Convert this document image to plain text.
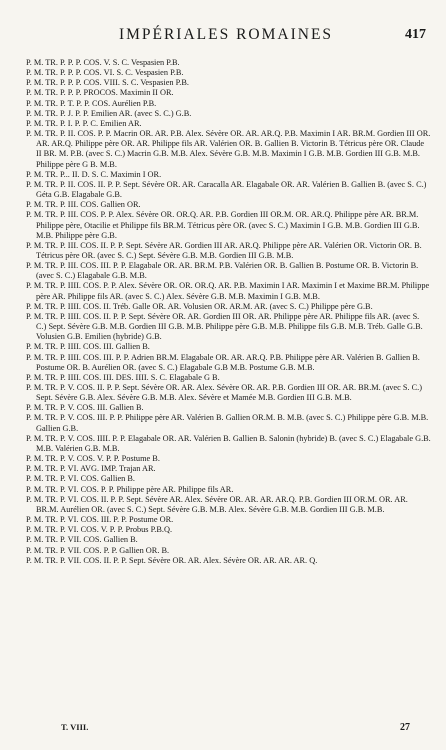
IMPÉRIALES ROMAINES	417
P. M. TR. P. P. P. COS. V. S. C. Vespasien P.B.
P. M. TR. P. P. P. COS. VI. S. C. Vespasien P.B.
P. M. TR. P. P. P. COS. VIII. S. C. Vespasien P.B.
P. M. TR. P. P. P. PROCOS. Maximin II OR.
P. M. TR. P. T. P. P. COS. Aurélien P.B.
P. M. TR. P. J. P. P. Emilien AR. (avec S. C.) G.B.
P. M. TR. P. I. P. P. C. Emilien AR.
P. M. TR. P. II. COS. P. P. Macrin OR. AR. P.B. Alex. Sévère OR. AR. AR.Q. P.B. Maximin I AR. BR.M. Gordien III OR. AR. AR.Q. Philippe père OR. AR. Philippe fils AR. Valérien OR. B. Gallien B. Victorin B. Tétricus père OR. Claude II BR. M. P.B. (avec S. C.) Macrin G.B. M.B. Alex. Sévère G.B. M.B. Maximin I G.B. M.B. Gordien III G.B. M.B. Philippe père G B. M.B.
P. M. TR. P... II. D. S. C. Maximin I OR.
P. M. TR. P. II. COS. II. P. P. Sept. Sévère OR. AR. Caracalla AR. Elagabale OR. AR. Valérien B. Gallien B. (avec S. C.) Géta G.B. Elagabale G.B.
P. M. TR. P. III. COS. Gallien OR.
P. M. TR. P. III. COS. P. P. Alex. Sévère OR. OR.Q. AR. P.B. Gordien III OR.M. OR. AR.Q. Philippe père AR. BR.M. Philippe père, Otacilie et Philippe fils BR.M. Tétricus père OR. (avec S. C.) Maximin I G.B. M.B. Gordien III G.B. M.B. Philippe père G.B.
P. M. TR. P. III. COS. II. P. P. Sept. Sévère AR. Gordien III AR. AR.Q. Philippe père AR. Valérien OR. Victorin OR. B. Tétricus père OR. (avec S. C.) Sept. Sévère G.B. M.B. Gordien III G.B. M.B.
P. M. TR. P. III. COS. III. P. P. Elagabale OR. AR. BR.M. P.B. Valérien OR. B. Gallien B. Postume OR. B. Victorin B. (avec S. C.) Elagabale G.B. M.B.
P. M. TR. P. IIII. COS. P. P. Alex. Sévère OR. OR. OR.Q. AR. P.B. Maximin I AR. Maximin I et Maxime BR.M. Philippe père AR. Philippe fils AR. (avec S. C.) Alex. Sévère G.B. M.B. Maximin I G.B. M.B.
P. M. TR. P. IIII. COS. II. Tréb. Galle OR. AR. Volusien OR. AR.M. AR. (avec S. C.) Philippe père G.B.
P. M. TR. P. IIII. COS. II. P. P. Sept. Sévère OR. AR. Gordien III OR. AR. Philippe père AR. Philippe fils AR. (avec S. C.) Sept. Sévère G.B. M.B. Gordien III G.B. M.B. Philippe père G.B. M.B. Philippe fils G.B. M.B. Tréb. Galle G.B. Volusien G.B. Emilien (hybride) G.B.
P. M. TR. P. IIII. COS. III. Gallien B.
P. M. TR. P. IIII. COS. III. P. P. Adrien BR.M. Elagabale OR. AR. AR.Q. P.B. Philippe père AR. Valérien B. Gallien B. Postume OR. B. Aurélien OR. (avec S. C.) Elagabale G.B M.B. Postume G.B. M.B.
P. M. TR. P. IIII. COS. III. DES. IIII. S. C. Elagabale G B.
P. M. TR. P. V. COS. II. P. P. Sept. Sévère OR. AR. Alex. Sévère OR. AR. P.B. Gordien III OR. AR. BR.M. (avec S. C.) Sept. Sévère G.B. Alex. Sévère G.B. M.B. Alex. Sévère et Mamée M.B. Gordien III G.B. M.B.
P. M. TR. P. V. COS. III. Gallien B.
P. M. TR. P. V. COS. III. P. P. Philippe père AR. Valérien B. Gallien OR.M. B. M.B. (avec S. C.) Philippe père G.B. M.B. Gallien G.B.
P. M. TR. P. V. COS. IIII. P. P. Elagabale OR. AR. Valérien B. Gallien B. Salonin (hybride) B. (avec S. C.) Elagabale G.B. M.B. Valérien G.B. M.B.
P. M. TR. P. V. COS. V. P. P. Postume B.
P. M. TR. P. VI. AVG. IMP. Trajan AR.
P. M. TR. P. VI. COS. Gallien B.
P. M. TR. P. VI. COS. P. P. Philippe père AR. Philippe fils AR.
P. M. TR. P. VI. COS. II. P. P. Sept. Sévère AR. Alex. Sévère OR. AR. AR. AR.Q. P.B. Gordien III OR.M. OR. AR. BR.M. Aurélien OR. (avec S. C.) Sept. Sévère G.B. M.B. Alex. Sévère G.B. M.B. Gordien III G.B. M.B.
P. M. TR. P. VI. COS. III. P. P. Postume OR.
P. M. TR. P. VI. COS. V. P. P. Probus P.B.Q.
P. M. TR. P. VII. COS. Gallien B.
P. M. TR. P. VII. COS. P. P. Gallien OR. B.
P. M. TR. P. VII. COS. II. P. P. Sept. Sévère OR. AR. Alex. Sévère OR. AR. AR. AR. Q.
T. VIII.	27
